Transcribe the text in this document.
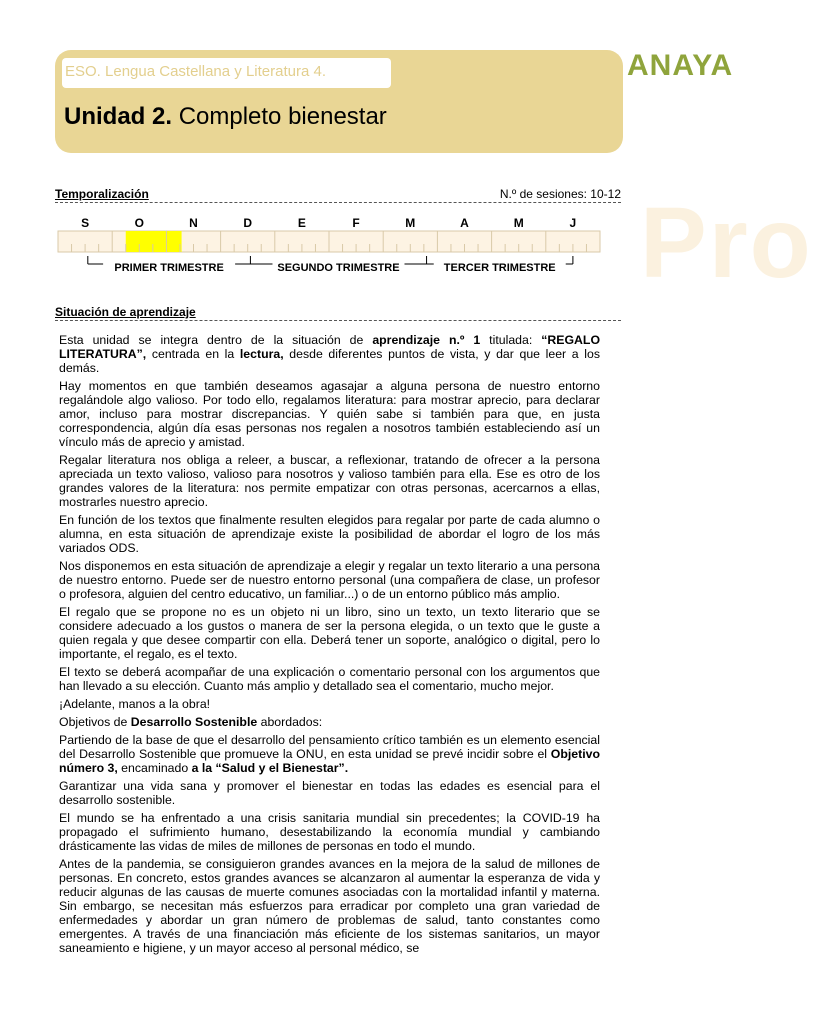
Pro
ESO. Lengua Castellana y Literatura 4.
Unidad 2. Completo bienestar
ANAYA
Temporalización	N.º de sesiones: 10-12
S	O	N	D	E	F	M	A	M	J
PRIMER TRIMESTRE	SEGUNDO TRIMESTRE	TERCER TRIMESTRE
Situación de aprendizaje

Esta unidad se integra dentro de la situación de aprendizaje n.º 1 titulada: “REGALO LITERATURA”, centrada en la lectura, desde diferentes puntos de vista, y dar que leer a los demás.

Hay momentos en que también deseamos agasajar a alguna persona de nuestro entorno regalándole algo valioso. Por todo ello, regalamos literatura: para mostrar aprecio, para declarar amor, incluso para mostrar discrepancias. Y quién sabe si también para que, en justa correspondencia, algún día esas personas nos regalen a nosotros también estableciendo así un vínculo más de aprecio y amistad.

Regalar literatura nos obliga a releer, a buscar, a reflexionar, tratando de ofrecer a la persona apreciada un texto valioso, valioso para nosotros y valioso también para ella. Ese es otro de los grandes valores de la literatura: nos permite empatizar con otras personas, acercarnos a ellas, mostrarles nuestro aprecio.

En función de los textos que finalmente resulten elegidos para regalar por parte de cada alumno o alumna, en esta situación de aprendizaje existe la posibilidad de abordar el logro de los más variados ODS.

Nos disponemos en esta situación de aprendizaje a elegir y regalar un texto literario a una persona de nuestro entorno. Puede ser de nuestro entorno personal (una compañera de clase, un profesor o profesora, alguien del centro educativo, un familiar...) o de un entorno público más amplio.

El regalo que se propone no es un objeto ni un libro, sino un texto, un texto literario que se considere adecuado a los gustos o manera de ser la persona elegida, o un texto que le guste a quien regala y que desee compartir con ella. Deberá tener un soporte, analógico o digital, pero lo importante, el regalo, es el texto.

El texto se deberá acompañar de una explicación o comentario personal con los argumentos que han llevado a su elección. Cuanto más amplio y detallado sea el comentario, mucho mejor.

¡Adelante, manos a la obra!

Objetivos de Desarrollo Sostenible abordados:

Partiendo de la base de que el desarrollo del pensamiento crítico también es un elemento esencial del Desarrollo Sostenible que promueve la ONU, en esta unidad se prevé incidir sobre el Objetivo número 3, encaminado a la “Salud y el Bienestar”.

Garantizar una vida sana y promover el bienestar en todas las edades es esencial para el desarrollo sostenible.

El mundo se ha enfrentado a una crisis sanitaria mundial sin precedentes; la COVID-19 ha propagado el sufrimiento humano, desestabilizando la economía mundial y cambiando drásticamente las vidas de miles de millones de personas en todo el mundo.

Antes de la pandemia, se consiguieron grandes avances en la mejora de la salud de millones de personas. En concreto, estos grandes avances se alcanzaron al aumentar la esperanza de vida y reducir algunas de las causas de muerte comunes asociadas con la mortalidad infantil y materna. Sin embargo, se necesitan más esfuerzos para erradicar por completo una gran variedad de enfermedades y abordar un gran número de problemas de salud, tanto constantes como emergentes. A través de una financiación más eficiente de los sistemas sanitarios, un mayor saneamiento e higiene, y un mayor acceso al personal médico, se
